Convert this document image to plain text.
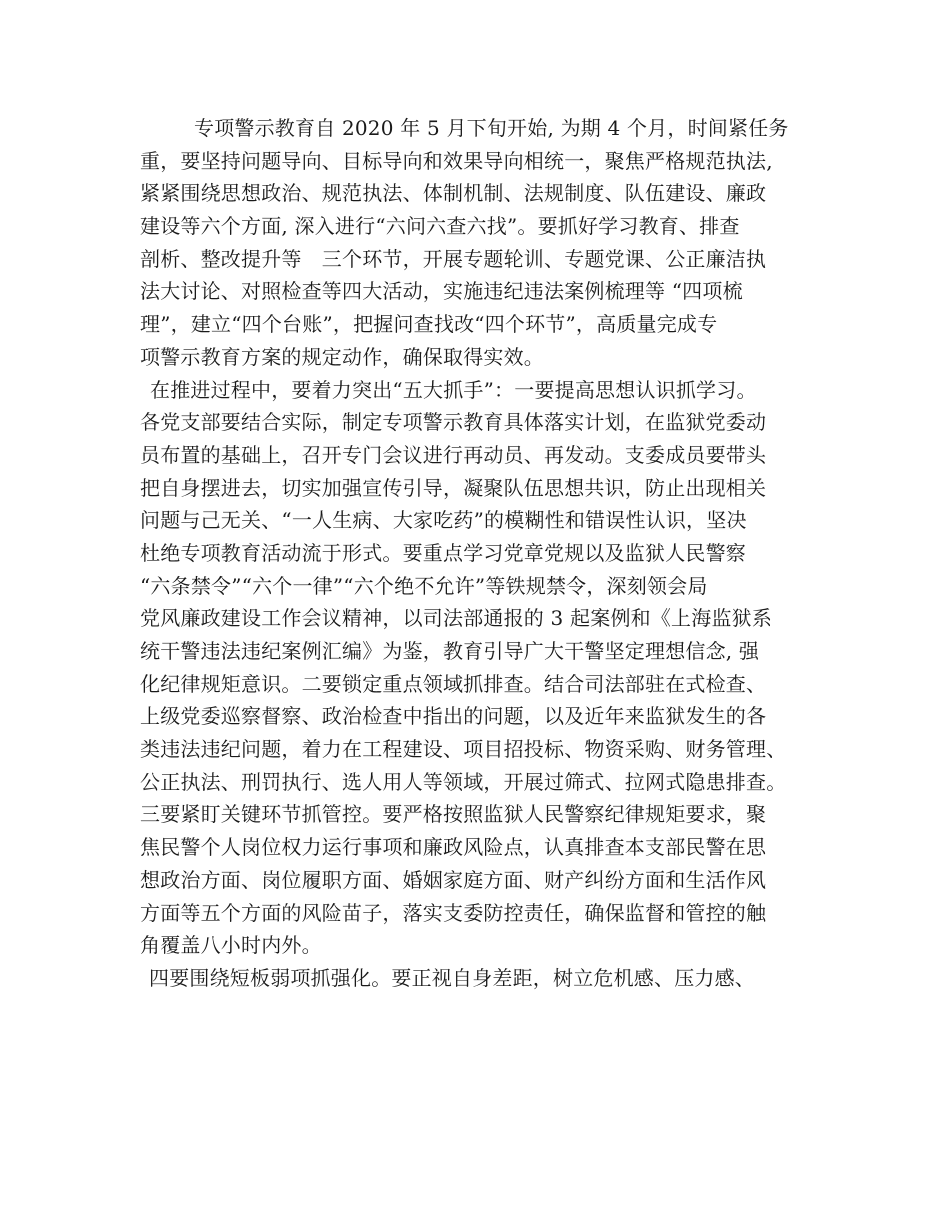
专项警示教育自 2020 年 5 月下旬开始, 为期 4 个月，时间紧任务
重，要坚持问题导向、目标导向和效果导向相统一，聚焦严格规范执法,
紧紧围绕思想政治、规范执法、体制机制、法规制度、队伍建设、廉政
建设等六个方面, 深入进行“六问六查六找”。要抓好学习教育、排查
剖析、整改提升等　三个环节，开展专题轮训、专题党课、公正廉洁执
法大讨论、对照检查等四大活动，实施违纪违法案例梳理等 “四项梳
理”，建立“四个台账”，把握问查找改“四个环节”，高质量完成专
项警示教育方案的规定动作，确保取得实效。
在推进过程中，要着力突出“五大抓手”：一要提高思想认识抓学习。
各党支部要结合实际，制定专项警示教育具体落实计划，在监狱党委动
员布置的基础上，召开专门会议进行再动员、再发动。支委成员要带头
把自身摆进去，切实加强宣传引导，凝聚队伍思想共识，防止出现相关
问题与己无关、“一人生病、大家吃药”的模糊性和错误性认识，坚决
杜绝专项教育活动流于形式。要重点学习党章党规以及监狱人民警察
“六条禁令”“六个一律”“六个绝不允许”等铁规禁令，深刻领会局
党风廉政建设工作会议精神，以司法部通报的 3 起案例和《上海监狱系
统干警违法违纪案例汇编》为鉴，教育引导广大干警坚定理想信念, 强
化纪律规矩意识。二要锁定重点领域抓排查。结合司法部驻在式检查、
上级党委巡察督察、政治检查中指出的问题，以及近年来监狱发生的各
类违法违纪问题，着力在工程建设、项目招投标、物资采购、财务管理、
公正执法、刑罚执行、选人用人等领域，开展过筛式、拉网式隐患排查。
三要紧盯关键环节抓管控。要严格按照监狱人民警察纪律规矩要求，聚
焦民警个人岗位权力运行事项和廉政风险点，认真排查本支部民警在思
想政治方面、岗位履职方面、婚姻家庭方面、财产纠纷方面和生活作风
方面等五个方面的风险苗子，落实支委防控责任，确保监督和管控的触
角覆盖八小时内外。
四要围绕短板弱项抓强化。要正视自身差距，树立危机感、压力感、
